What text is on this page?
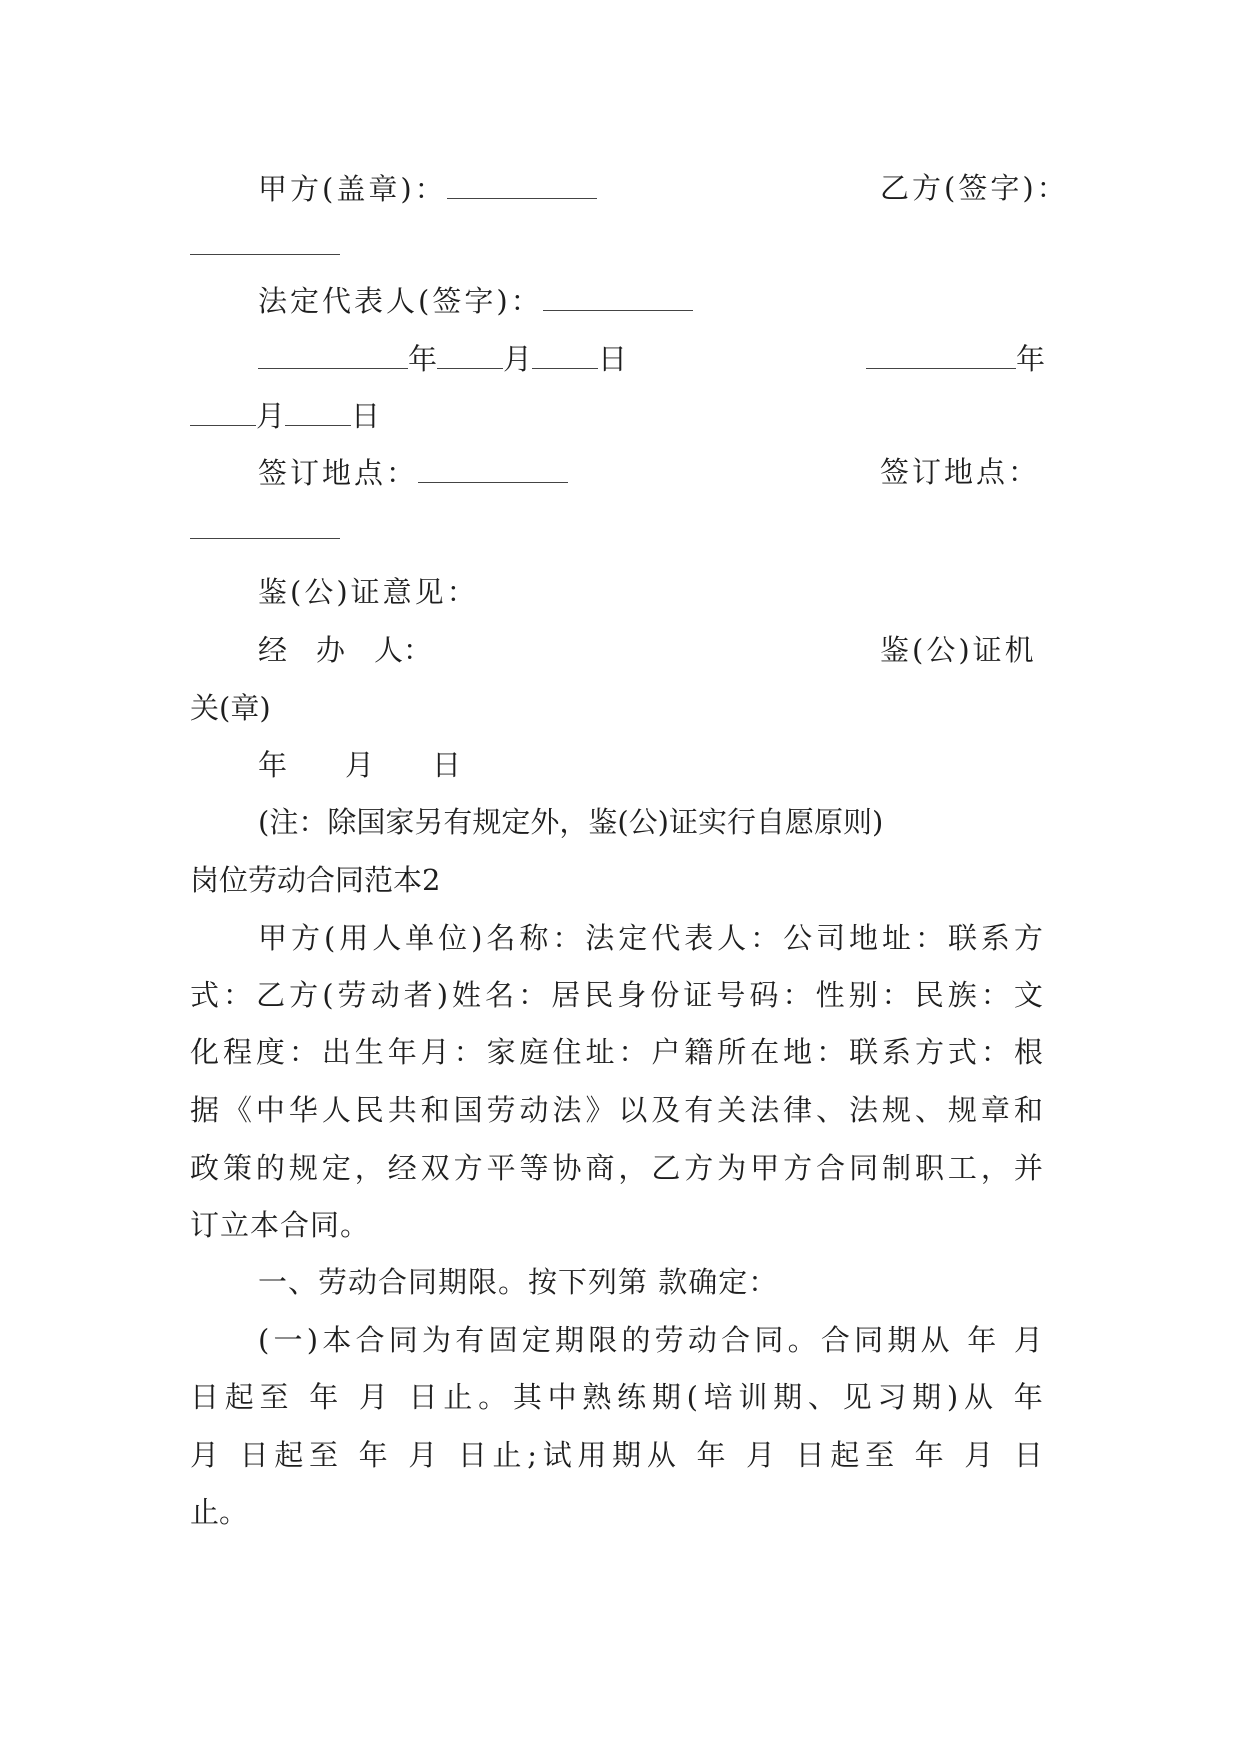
甲方(盖章)：	乙方(签字)：
法定代表人(签字)：
年 月 日	年
月 日
签订地点：	签订地点：
鉴(公)证意见：
经　办　人：	鉴(公)证机
关(章)
年　　月　　日
(注：除国家另有规定外，鉴(公)证实行自愿原则)
岗位劳动合同范本2
甲 方 ( 用 人 单 位 ) 名 称 ： 法 定 代 表 人 ： 公 司 地 址 ： 联 系 方
式 ： 乙 方 ( 劳 动 者 ) 姓 名 ： 居 民 身 份 证 号 码 ： 性 别 ： 民 族 ： 文
化 程 度 ： 出 生 年 月 ： 家 庭 住 址 ： 户 籍 所 在 地 ： 联 系 方 式 ： 根
据 《 中 华 人 民 共 和 国 劳 动 法 》 以 及 有 关 法 律 、 法 规 、 规 章 和
政 策 的 规 定 ， 经 双 方 平 等 协 商 ， 乙 方 为 甲 方 合 同 制 职 工 ， 并
订立本合同。
一、劳动合同期限。按下列第 款确定：
( 一 ) 本 合 同 为 有 固 定 期 限 的 劳 动 合 同 。 合 同 期 从
年
月
日 起 至
年
月
日 止 。 其 中 熟 练 期 ( 培 训 期 、 见 习 期 ) 从
年
月
日 起 至
年
月
日 止 ; 试 用 期 从
年
月
日 起 至
年
月
日
止。
